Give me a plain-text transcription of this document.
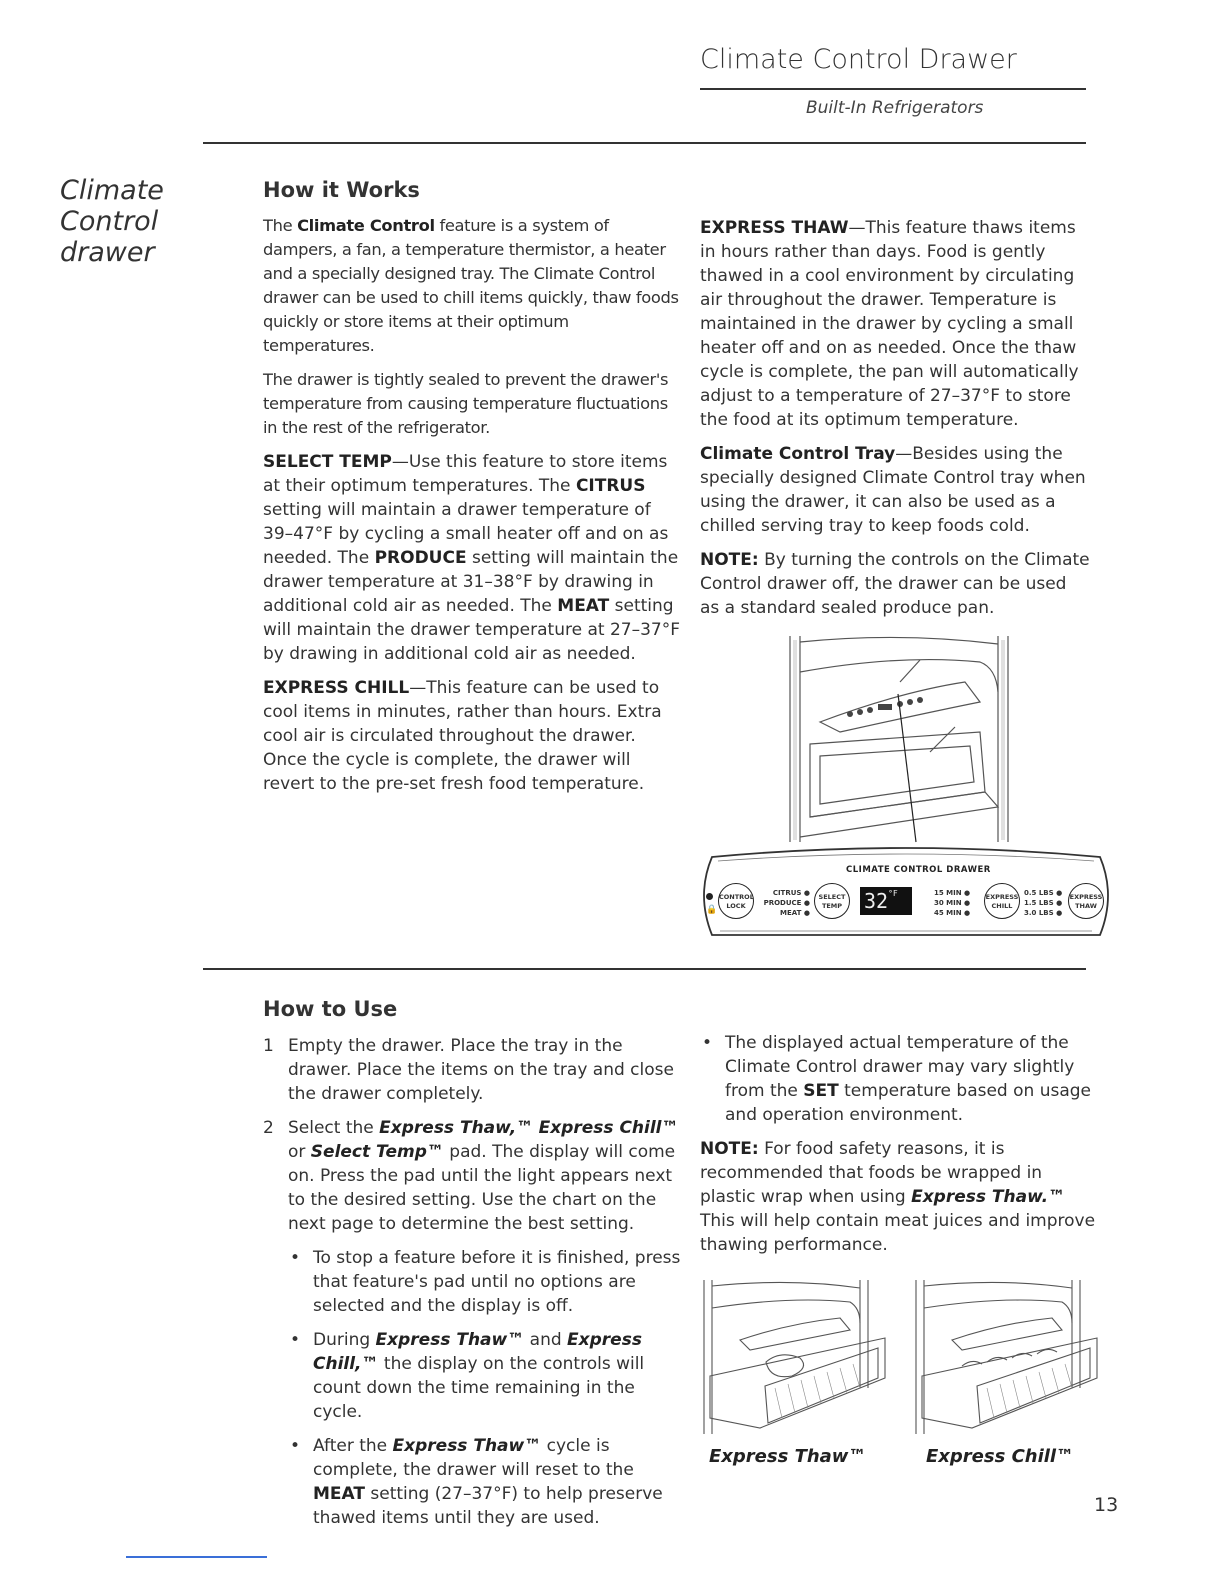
Climate Control Drawer
Built-In Refrigerators
Climate
Control
drawer
How it Works

The Climate Control feature is a system of dampers, a fan, a temperature thermistor, a heater and a specially designed tray. The Climate Control drawer can be used to chill items quickly, thaw foods quickly or store items at their optimum temperatures.

The drawer is tightly sealed to prevent the drawer's temperature from causing temperature fluctuations in the rest of the refrigerator.

SELECT TEMP—Use this feature to store items at their optimum temperatures. The CITRUS setting will maintain a drawer temperature of 39–47°F by cycling a small heater off and on as needed. The PRODUCE setting will maintain the drawer temperature at 31–38°F by drawing in additional cold air as needed. The MEAT setting will maintain the drawer temperature at 27–37°F by drawing in additional cold air as needed.

EXPRESS CHILL—This feature can be used to cool items in minutes, rather than hours. Extra cool air is circulated throughout the drawer. Once the cycle is complete, the drawer will revert to the pre-set fresh food temperature.

EXPRESS THAW—This feature thaws items in hours rather than days. Food is gently thawed in a cool environment by circulating air throughout the drawer. Temperature is maintained in the drawer by cycling a small heater off and on as needed. Once the thaw cycle is complete, the pan will automatically adjust to a temperature of 27–37°F to store the food at its optimum temperature.

Climate Control Tray—Besides using the specially designed Climate Control tray when using the drawer, it can also be used as a chilled serving tray to keep foods cold.

NOTE: By turning the controls on the Climate Control drawer off, the drawer can be used as a standard sealed produce pan.

CLIMATE CONTROL DRAWER
🔒
CONTROL
LOCK
CITRUS ●
PRODUCE ●
MEAT ●
SELECT
TEMP	$32^{^\circ F}$	15 MIN ●
30 MIN ●
45 MIN ●
EXPRESS
CHILL
0.5 LBS ●
1.5 LBS ●
3.0 LBS ●
EXPRESS
THAW
How to Use
1 Empty the drawer. Place the tray in the drawer. Place the items on the tray and close the drawer completely.
2 Select the Express Thaw,™ Express Chill™ or Select Temp™ pad. The display will come on. Press the pad until the light appears next to the desired setting. Use the chart on the next page to determine the best setting.
• To stop a feature before it is finished, press that feature's pad until no options are selected and the display is off.
• During Express Thaw™ and Express Chill,™ the display on the controls will count down the time remaining in the cycle.
• After the Express Thaw™ cycle is complete, the drawer will reset to the MEAT setting (27–37°F) to help preserve thawed items until they are used.
• The displayed actual temperature of the Climate Control drawer may vary slightly from the SET temperature based on usage and operation environment.

NOTE: For food safety reasons, it is recommended that foods be wrapped in plastic wrap when using Express Thaw.™ This will help contain meat juices and improve thawing performance.

Express Thaw™	Express Chill™
13
